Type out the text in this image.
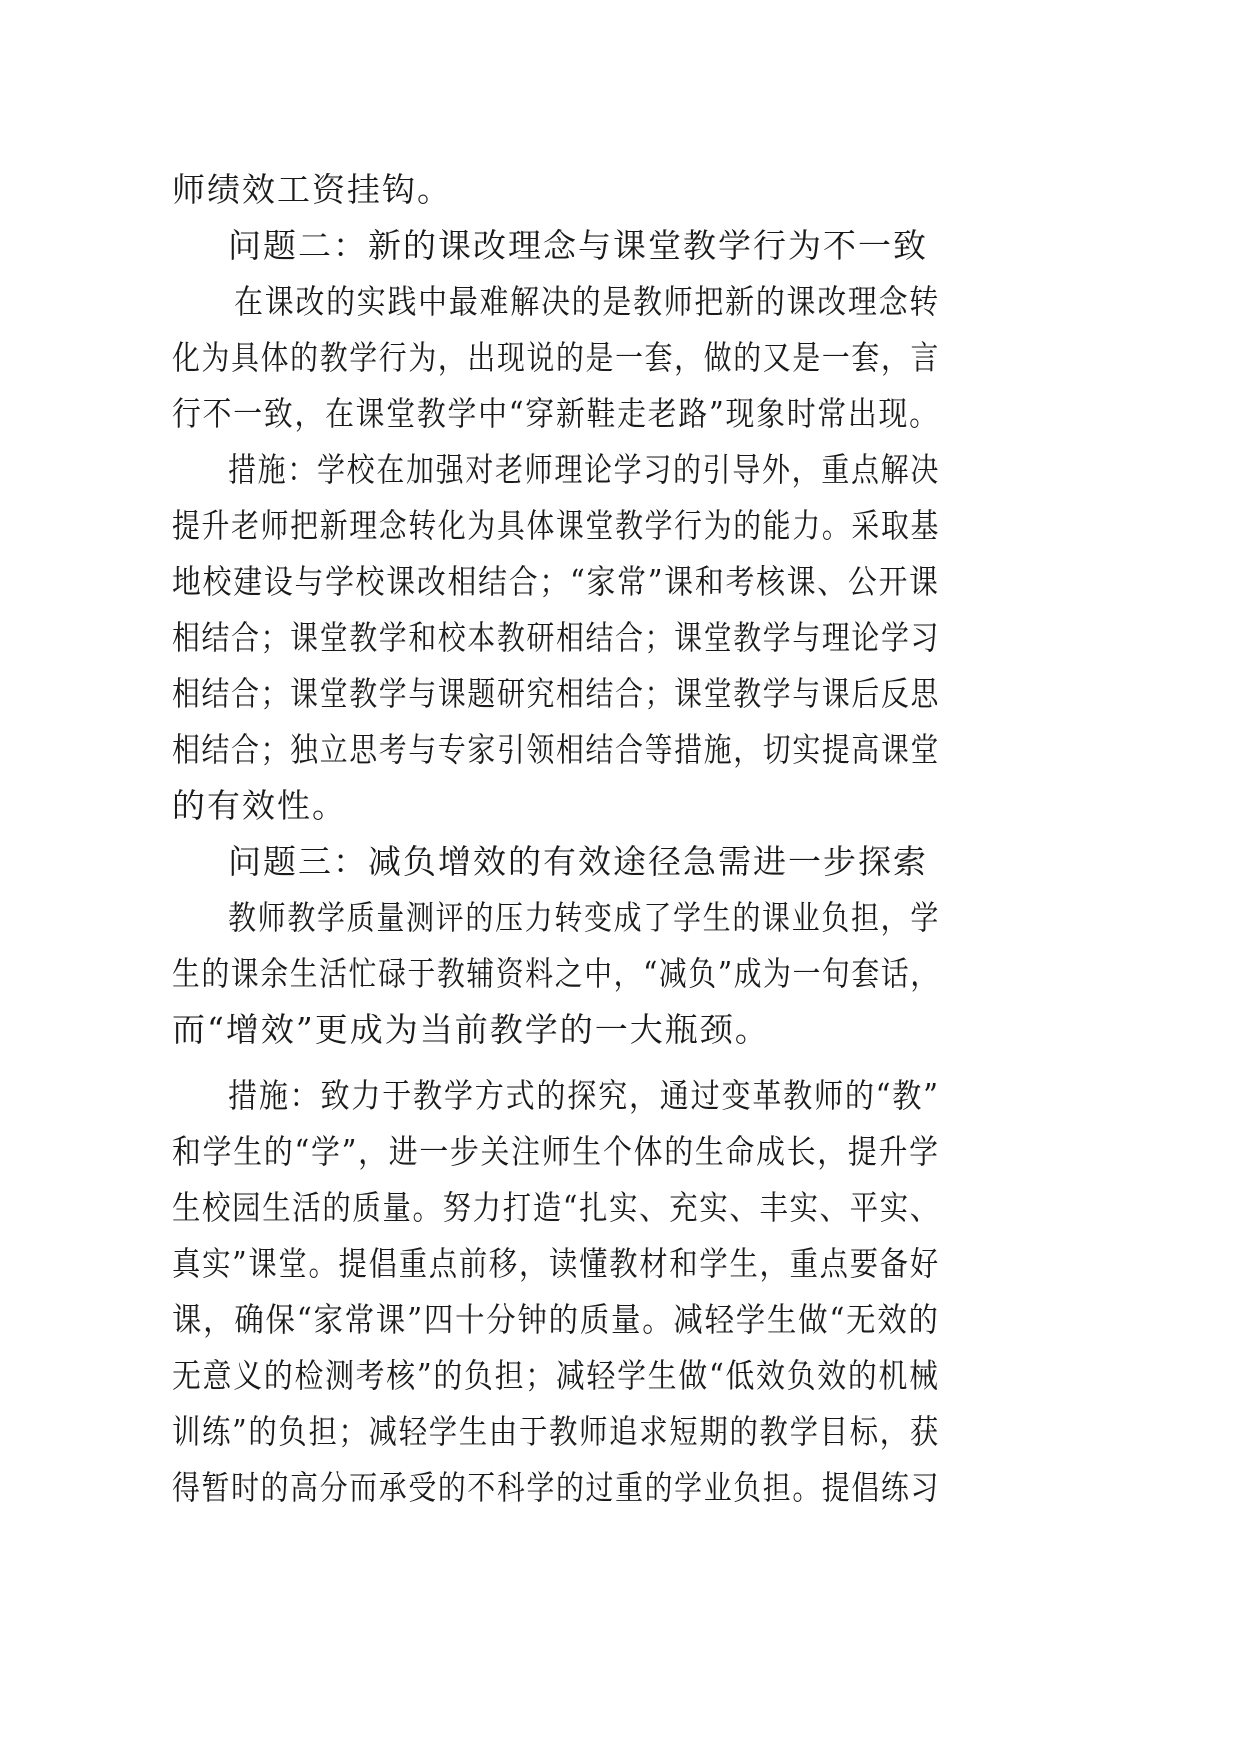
师绩效工资挂钩。
问题二：新的课改理念与课堂教学行为不一致
在课改的实践中最难解决的是教师把新的课改理念转
化为具体的教学行为，出现说的是一套，做的又是一套，言
行不一致，在课堂教学中“穿新鞋走老路”现象时常出现。
措施：学校在加强对老师理论学习的引导外，重点解决
提升老师把新理念转化为具体课堂教学行为的能力。采取基
地校建设与学校课改相结合；“家常”课和考核课、公开课
相结合；课堂教学和校本教研相结合；课堂教学与理论学习
相结合；课堂教学与课题研究相结合；课堂教学与课后反思
相结合；独立思考与专家引领相结合等措施，切实提高课堂
的有效性。
问题三：减负增效的有效途径急需进一步探索
教师教学质量测评的压力转变成了学生的课业负担，学
生的课余生活忙碌于教辅资料之中，“减负”成为一句套话，
而“增效”更成为当前教学的一大瓶颈。
措施：致力于教学方式的探究，通过变革教师的“教”
和学生的“学”，进一步关注师生个体的生命成长，提升学
生校园生活的质量。努力打造“扎实、充实、丰实、平实、
真实”课堂。提倡重点前移，读懂教材和学生，重点要备好
课，确保“家常课”四十分钟的质量。减轻学生做“无效的
无意义的检测考核”的负担；减轻学生做“低效负效的机械
训练”的负担；减轻学生由于教师追求短期的教学目标，获
得暂时的高分而承受的不科学的过重的学业负担。提倡练习
